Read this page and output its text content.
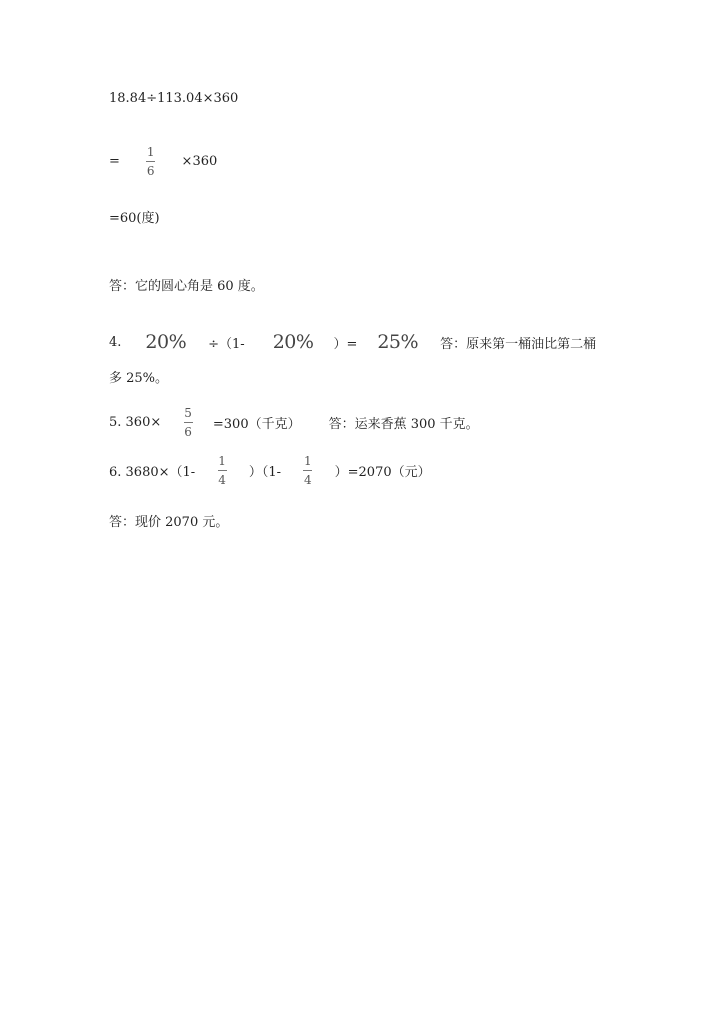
18.84÷113.04×360
= $\frac{1}{6} \times 360$
=60(度)
答：它的圆心角是 60 度。
4. 20% ÷（1- 20% ）= 25% 答：原来第一桶油比第二桶
多 25%。
5. $360\times \frac{5}{6} =300$（千克） 答：运来香蕉 300 千克。
6. $3680\times(1- \frac{1}{4} )(1- \frac{1}{4} )=2070$（元）
答：现价 2070 元。
